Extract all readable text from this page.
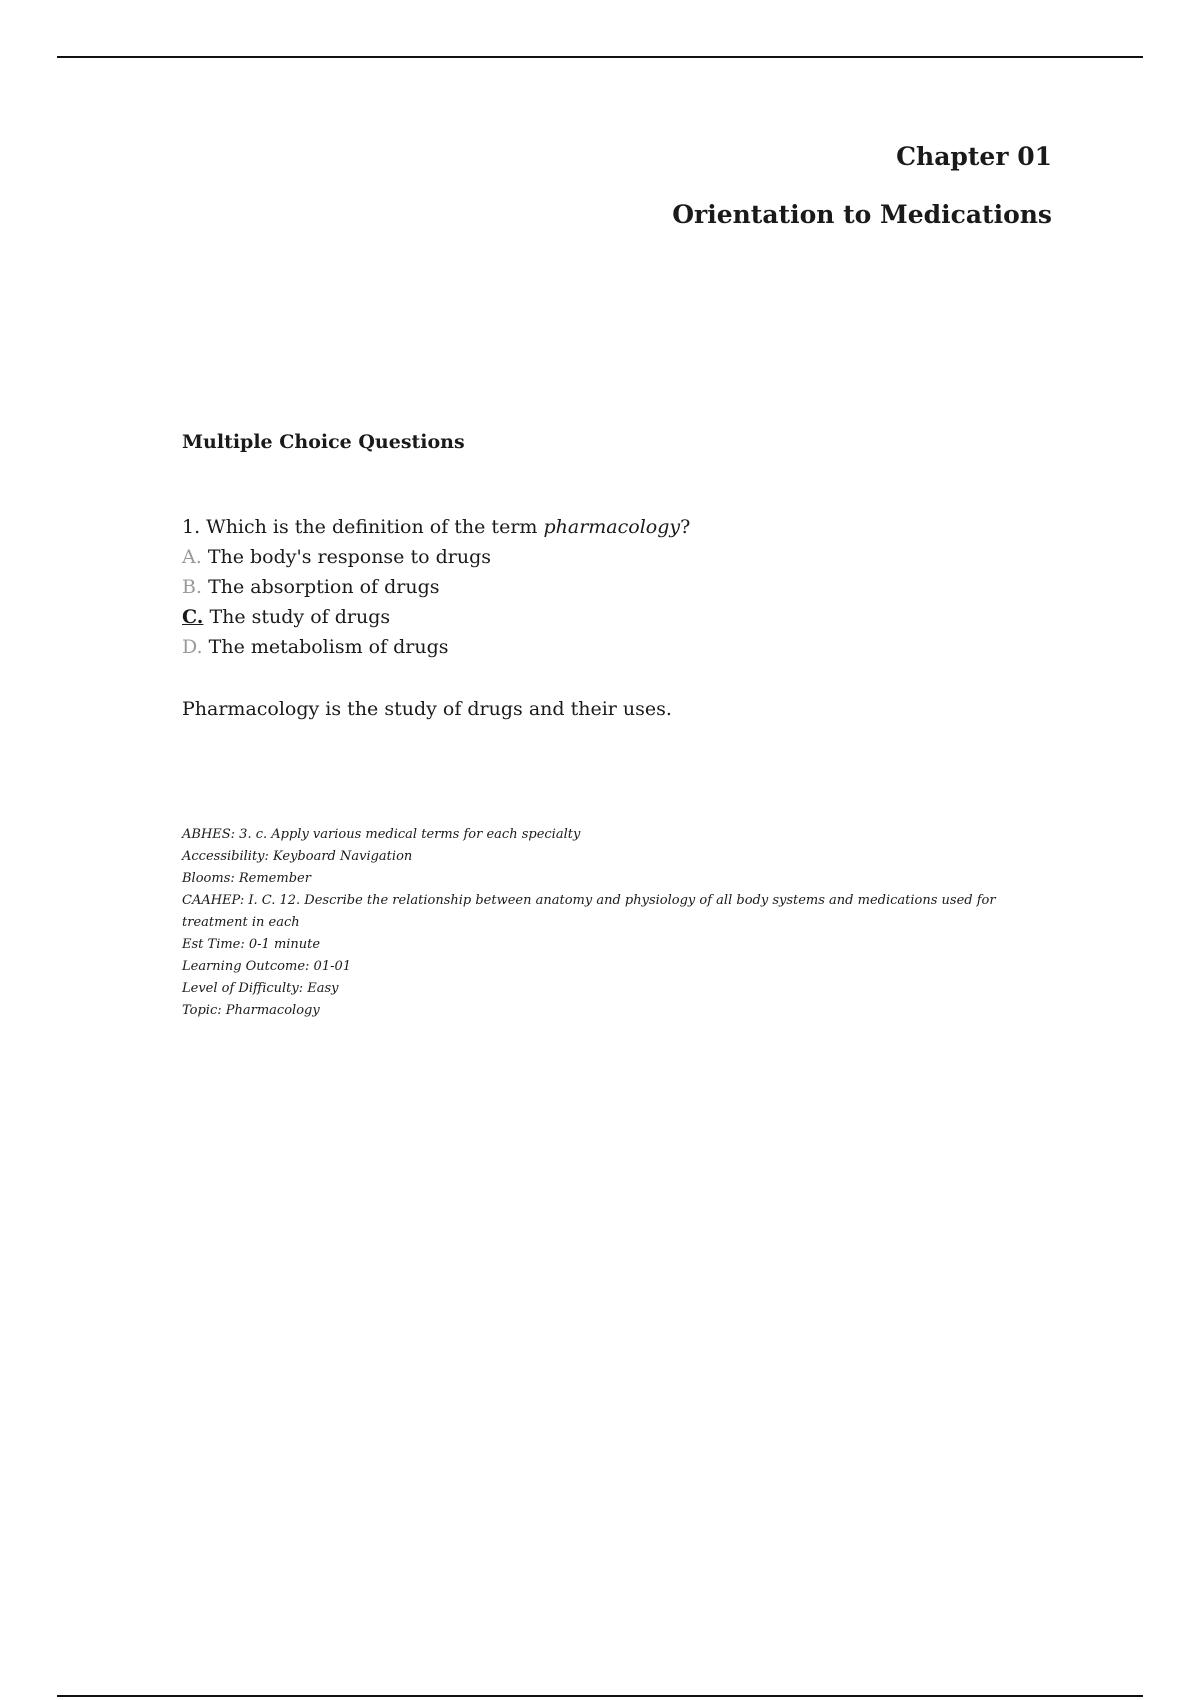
Chapter 01

Orientation to Medications

Multiple Choice Questions

1. Which is the definition of the term pharmacology?
A. The body's response to drugs
B. The absorption of drugs
C. The study of drugs
D. The metabolism of drugs
Pharmacology is the study of drugs and their uses.

ABHES: 3. c. Apply various medical terms for each specialty

Accessibility: Keyboard Navigation

Blooms: Remember

CAAHEP: I. C. 12. Describe the relationship between anatomy and physiology of all body systems and medications used for treatment in each

Est Time: 0-1 minute

Learning Outcome: 01-01

Level of Difficulty: Easy

Topic: Pharmacology
